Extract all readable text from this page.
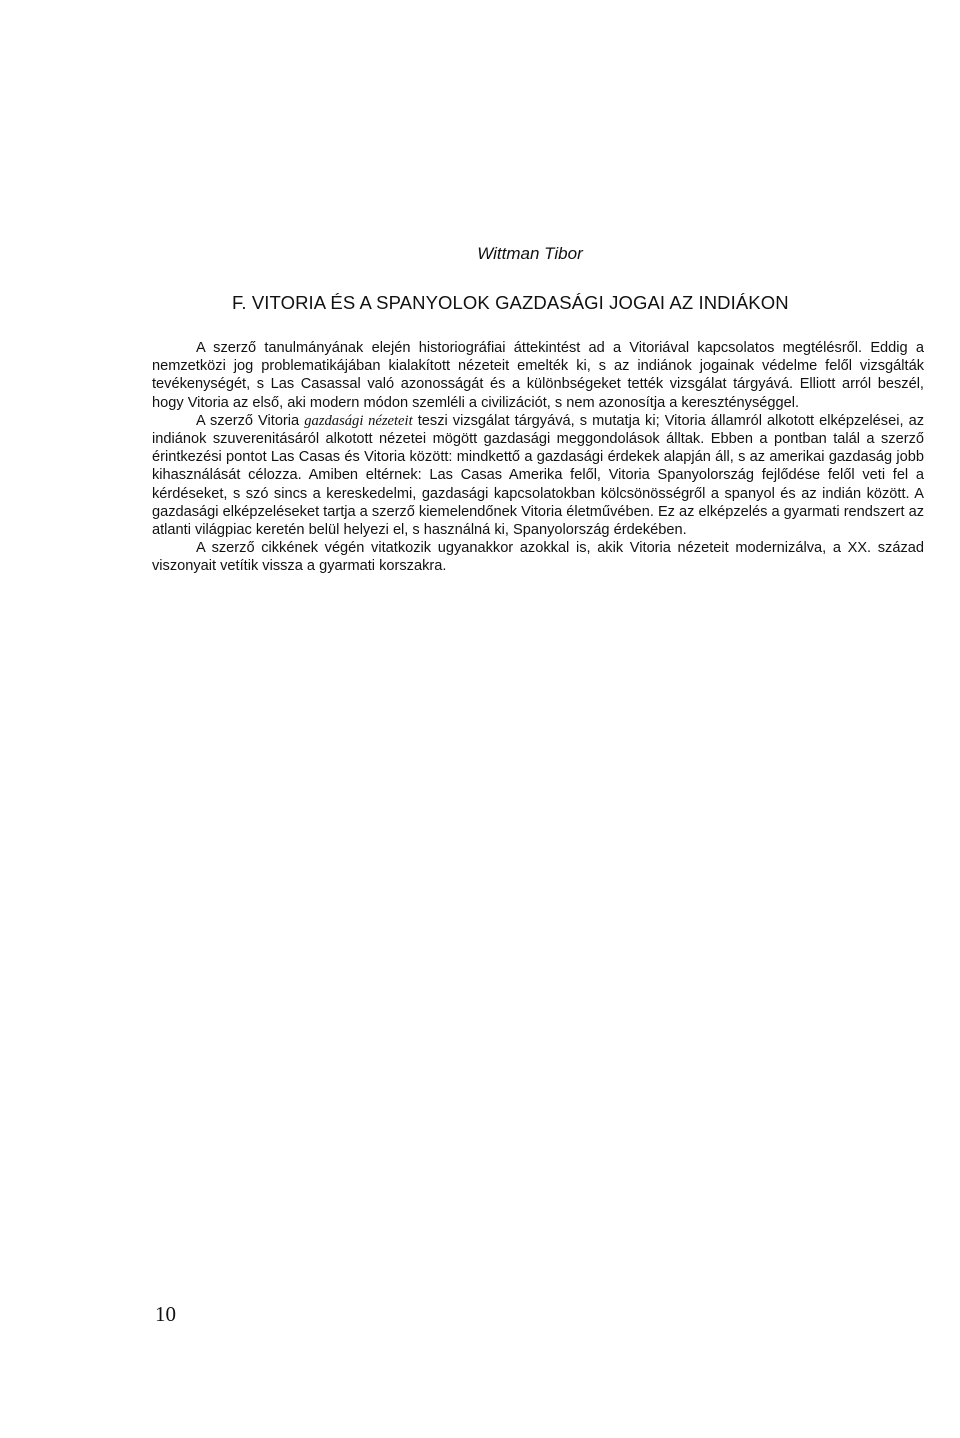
Wittman Tibor
F. VITORIA ÉS A SPANYOLOK GAZDASÁGI JOGAI AZ INDIÁKON

A szerző tanulmányának elején historiográfiai áttekintést ad a Vitoriával kapcsolatos megtélésről. Eddig a nemzetközi jog problematikájában kialakított nézeteit emelték ki, s az indiánok jogainak védelme felől vizsgálták tevékenységét, s Las Casassal való azonosságát és a különbségeket tették vizsgálat tárgyává. Elliott arról beszél, hogy Vitoria az első, aki modern módon szemléli a civilizációt, s nem azonosítja a kereszténységgel.

A szerző Vitoria gazdasági nézeteit teszi vizsgálat tárgyává, s mutatja ki; Vitoria államról alkotott elképzelései, az indiánok szuverenitásáról alkotott nézetei mögött gazdasági meggondolások álltak. Ebben a pontban talál a szerző érintkezési pontot Las Casas és Vitoria között: mindkettő a gazdasági érdekek alapján áll, s az amerikai gazdaság jobb kihasználását célozza. Amiben eltérnek: Las Casas Amerika felől, Vitoria Spanyolország fejlődése felől veti fel a kérdéseket, s szó sincs a kereskedelmi, gazdasági kapcsolatokban kölcsönösségről a spanyol és az indián között. A gazdasági elképzeléseket tartja a szerző kiemelendőnek Vitoria életművében. Ez az elképzelés a gyarmati rendszert az atlanti világpiac keretén belül helyezi el, s használná ki, Spanyolország érdekében.

A szerző cikkének végén vitatkozik ugyanakkor azokkal is, akik Vitoria nézeteit modernizálva, a XX. század viszonyait vetítik vissza a gyarmati korszakra.

10
